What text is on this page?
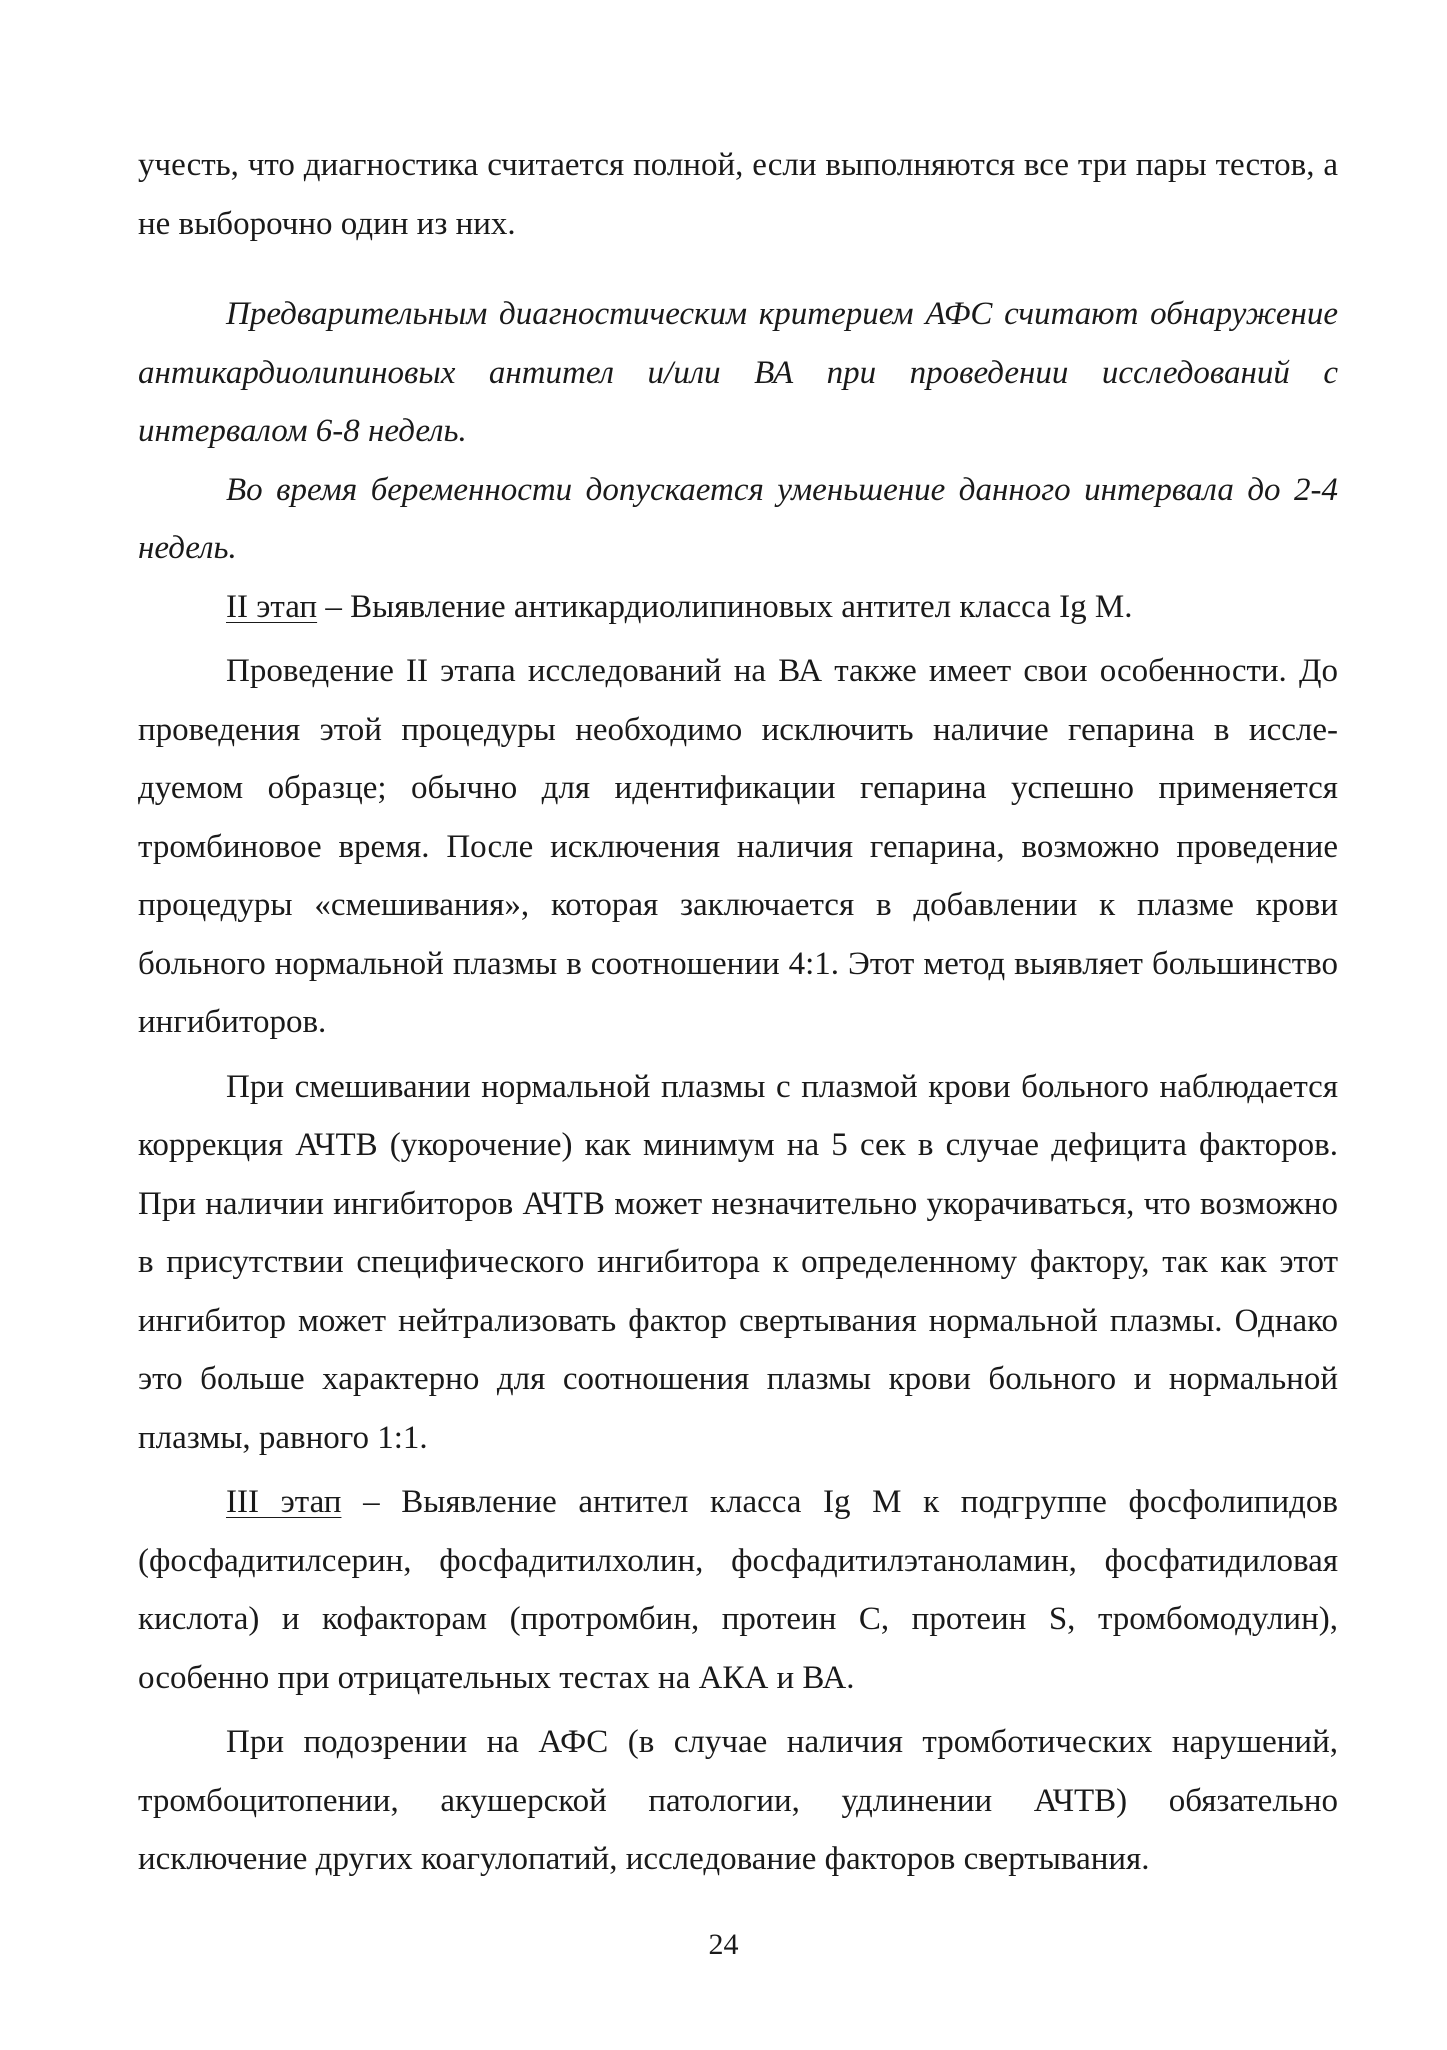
учесть, что диагностика считается полной, если выполняются все три пары тестов, а не выборочно один из них.

Предварительным диагностическим критерием АФС считают обнаружение антикардиолипиновых антител и/или ВА при проведении исследований с интервалом 6-8 недель.

Во время беременности допускается уменьшение данного интервала до 2-4 недель.

II этап – Выявление антикардиолипиновых антител класса Ig M.

Проведение II этапа исследований на ВА также имеет свои особенности. До проведения этой процедуры необходимо исключить наличие гепарина в исследуемом образце; обычно для идентификации гепарина успешно применяется тромбиновое время. После исключения наличия гепарина, возможно проведение процедуры «смешивания», которая заключается в добавлении к плазме крови больного нормальной плазмы в соотношении 4:1. Этот метод выявляет большинство ингибиторов.

При смешивании нормальной плазмы с плазмой крови больного наблюдается коррекция АЧТВ (укорочение) как минимум на 5 сек в случае дефицита факторов. При наличии ингибиторов АЧТВ может незначительно укорачиваться, что возможно в присутствии специфического ингибитора к определенному фактору, так как этот ингибитор может нейтрализовать фактор свертывания нормальной плазмы. Однако это больше характерно для соотношения плазмы крови больного и нормальной плазмы, равного 1:1.

III этап – Выявление антител класса Ig M к подгруппе фосфолипидов (фосфадитилсерин, фосфадитилхолин, фосфадитилэтаноламин, фосфатидиловая кислота) и кофакторам (протромбин, протеин С, протеин S, тромбомодулин), особенно при отрицательных тестах на АКА и ВА.

При подозрении на АФС (в случае наличия тромботических нарушений, тромбоцитопении, акушерской патологии, удлинении АЧТВ) обязательно исключение других коагулопатий, исследование факторов свертывания.

24
